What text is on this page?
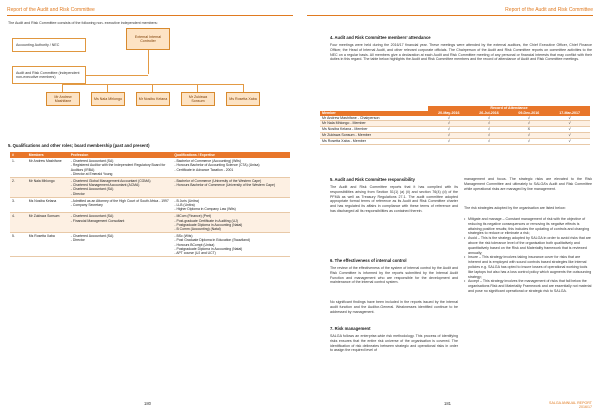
Report of the Audit and Risk Committee
The Audit and Risk Committee consists of the following non- executive independent members:
External Internal Controller
Accounting Authority / NEC
Audit and Risk Committee (independent non-executive members)
Mr Andrew Mashifane
Ms Nala Mhlongo	Mr Nosibu Kelana
Mr Zukiswa Sonsum
Ms Rosetta Xaba
5. Qualifications and other roles; board membership (past and present)
#	Members	Profession	Qualifications / Expertise
1.	Mr Andrew Mashifane	- Chartered Accountant (SA)
- Registered Auditor with the Independent Regulatory Board for Auditors (IRBA)
- Director at Emerald Young	- Bachelor of Commerce (Accounting) (Wits)
- Honours Bachelor of Accounting Science (CTA) (Unisa)
- Certificate in Advance Taxation - 2001
2.	Mr Nala Mhlongo	- Chartered Global Management Accountant (CGMA)
- Chartered Management Accountant (ACMA)
- Chartered Accountant (SA)
- Director	- Bachelor of Commerce (University of the Western Cape)
- Honours Bachelor of Commerce (University of the Western Cape)
3.	Ms Nosiba Kelana	- Admitted as an Attorney of the High Court of South Africa - 1997
- Company Secretary	- B Juris (Unitra)
- LLB (Unitra)
- Higher Diploma in Company Law (Wits)
4.	Mr Zukiswa Sonsum	- Chartered Accountant (SA)
- Financial Management Consultant	- MCom (Finance) (Pret)
- Post-graduate Certificate in Auditing (UJ)
- Postgraduate Diploma in Accounting (Natal)
- B Comm (Accounting) (Natal)
5.	Ms Rosetta Xaba	- Chartered Accountant (SA)
- Director	- BSc (Wits)
- Post Graduate Diploma in Education (Swaziland)
- Honours BCompt (Unisa)
- Postgraduate Diploma in Accounting (Natal)
- APT course (UJ and UCT)
180
Report of the Audit and Risk Committee
4. Audit and Risk Committee members’ attendance
Four meetings were held during the 2016/17 financial year. These meetings were attended by the external auditors, the Chief Executive Officer, Chief Finance Officer, the Head of Internal Audit, and other relevant corporate officials. The Chairperson of the Audit and Risk Committee reports on committee activities to the NEC on a regular basis. All members give a declaration at each Audit and Risk Committee meeting of any personal or financial interests that may conflict with their duties in this regard. The table below highlights the Audit and Risk Committee members and the record of attendance of Audit and Risk Committee meetings.
	Record of Attendance			
Member	20-May-2016	26-Jul-2016	09-Dec-2016	17-Mar-2017
Mr Andrew Mashifane - Chairperson	√	√	√	√
Mr Nala Mhlongo - Member	√	√	√	√
Ms Nosiba Kelana - Member	√	√	X	√
Mr Zukiswa Sonsum - Member	√	√	√	√
Ms Rosetta Xaba - Member	√	√	√	√
5. Audit and Risk Committee responsibility
The Audit and Risk Committee reports that it has complied with its responsibilities arising from Section 51(1) (a) (ii) and section 76(4) (d) of the PFMA as well as Treasury Regulations 27.1. The audit committee adopted appropriate formal terms of reference as its Audit and Risk Committee charter and has regulated its affairs in compliance with these terms of reference and has discharged all its responsibilities as contained therein.
6. The effectiveness of internal control
The review of the effectiveness of the system of internal control by the Audit and Risk Committee is informed by the reports submitted by the Internal Audit Function and management who are responsible for the development and maintenance of the internal control system.
No significant findings have been included in the reports issued by the internal audit function and the Auditor-General. Weaknesses identified continue to be addressed by management.
7. Risk management
SALGA follows an enterprise-wide risk methodology. This process of identifying risks ensures that the entire risk universe of the organisation is covered. The identification of risk delineates between strategic and operational risks in order to assign the required level of
management and focus. The strategic risks are elevated to the Risk Management Committee and ultimately to SALGA’s Audit and Risk Committee while operational risks are managed by line management.
The risk strategies adopted by the organisation are listed below:
• Mitigate and manage – Constant management of risk with the objective of reducing its negative consequences or removing its negative effects is attaining positive results; this includes the updating of controls and changing strategies to reduce or eliminate a risk;
• Avoid – This is the strategy adopted by SALGA in order to avoid risks that are above the risk tolerance level of the organisation both qualitatively and quantitatively based on the Risk and Materiality framework that is reviewed annually;
• Insure – This strategy involves taking insurance cover for risks that are inherent and is employed with sound controls based strategies like internal policies e.g. SALGA has opted to insure losses of operational working tools like laptops but also has a loss control policy which augments the outsourcing strategy;
• Accept – This strategy involves the management of risks that fall below the organisations Risk and Materiality Framework and are essentially not material and pose no significant operational or strategic risk to SALGA.
181	SALGA ANNUAL REPORT
2016/17
